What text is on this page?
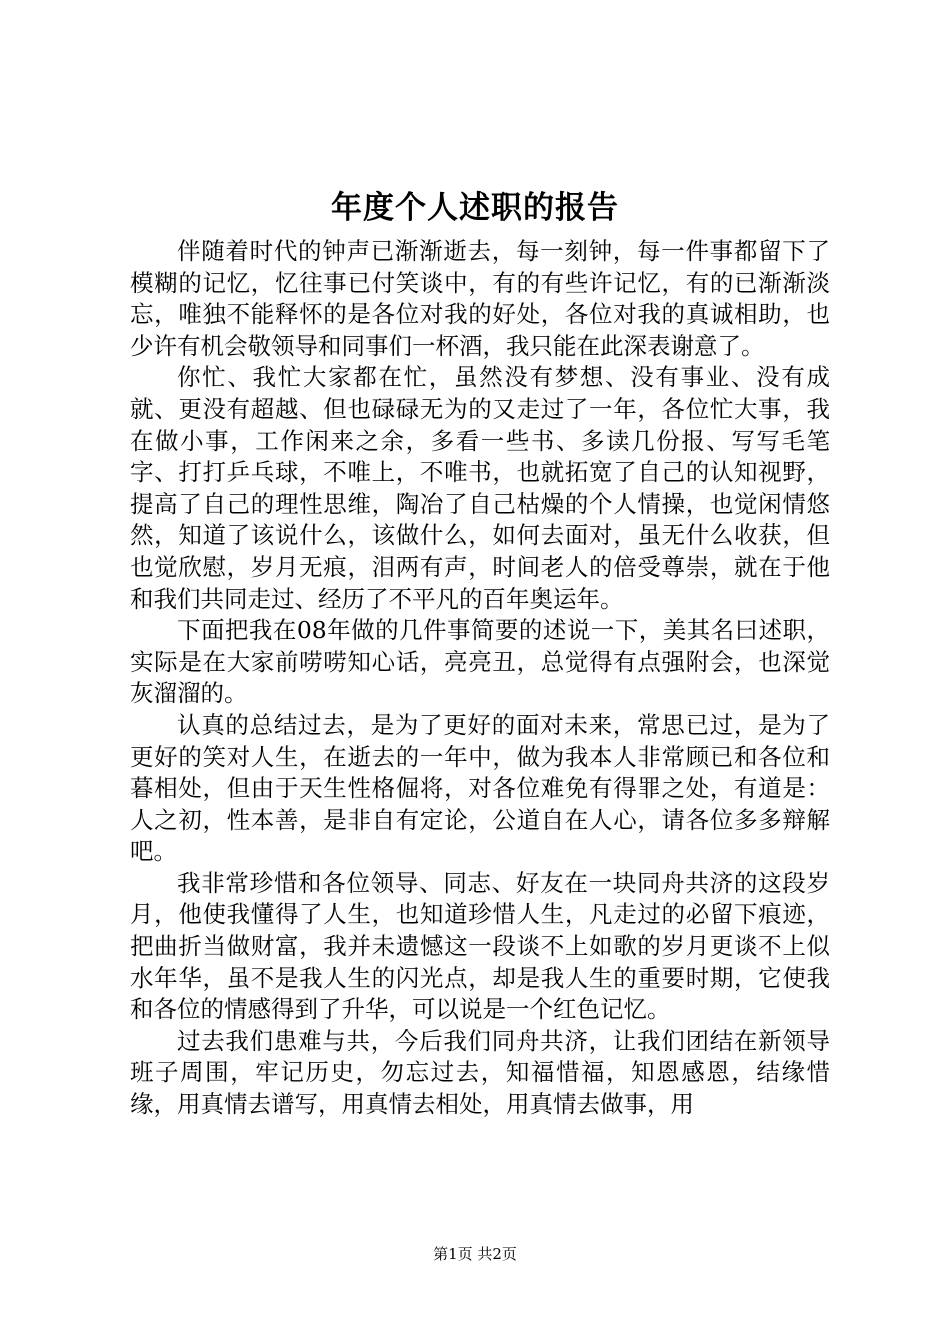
年度个人述职的报告

伴随着时代的钟声已渐渐逝去，每一刻钟，每一件事都留下了模糊的记忆，忆往事已付笑谈中，有的有些许记忆，有的已渐渐淡忘，唯独不能释怀的是各位对我的好处，各位对我的真诚相助，也少许有机会敬领导和同事们一杯酒，我只能在此深表谢意了。

你忙、我忙大家都在忙，虽然没有梦想、没有事业、没有成就、更没有超越、但也碌碌无为的又走过了一年，各位忙大事，我在做小事，工作闲来之余，多看一些书、多读几份报、写写毛笔字、打打乒乓球，不唯上，不唯书，也就拓宽了自己的认知视野，提高了自己的理性思维，陶冶了自己枯燥的个人情操，也觉闲情悠然，知道了该说什么，该做什么，如何去面对，虽无什么收获，但也觉欣慰，岁月无痕，泪两有声，时间老人的倍受尊崇，就在于他和我们共同走过、经历了不平凡的百年奥运年。

下面把我在08年做的几件事简要的述说一下，美其名曰述职，实际是在大家前唠唠知心话，亮亮丑，总觉得有点强附会，也深觉灰溜溜的。

认真的总结过去，是为了更好的面对未来，常思已过，是为了更好的笑对人生，在逝去的一年中，做为我本人非常顾已和各位和暮相处，但由于天生性格倔将，对各位难免有得罪之处，有道是：人之初，性本善，是非自有定论，公道自在人心，请各位多多辩解吧。

我非常珍惜和各位领导、同志、好友在一块同舟共济的这段岁月，他使我懂得了人生，也知道珍惜人生，凡走过的必留下痕迹，把曲折当做财富，我并未遗憾这一段谈不上如歌的岁月更谈不上似水年华，虽不是我人生的闪光点，却是我人生的重要时期，它使我和各位的情感得到了升华，可以说是一个红色记忆。

过去我们患难与共，今后我们同舟共济，让我们团结在新领导班子周围，牢记历史，勿忘过去，知福惜福，知恩感恩，结缘惜缘，用真情去谱写，用真情去相处，用真情去做事，用

第1页 共2页
